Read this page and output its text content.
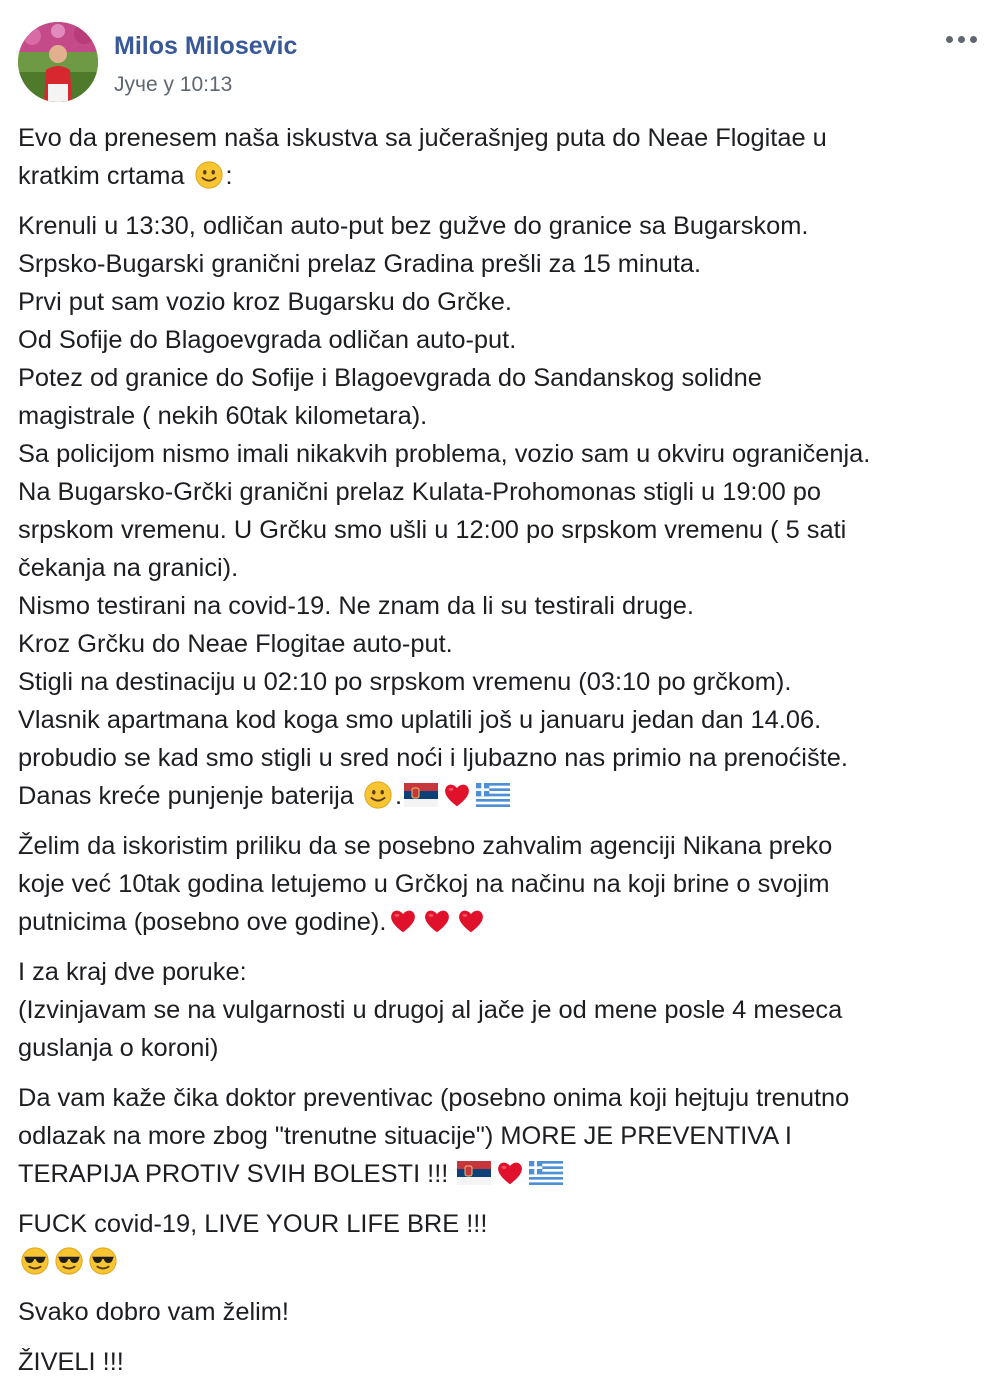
Milos Milosevic
Јуче у 10:13
Evo da prenesem naša iskustva sa jučerašnjeg puta do Neae Flogitae u
kratkim crtama
:
Krenuli u 13:30, odličan auto-put bez gužve do granice sa Bugarskom.
Srpsko-Bugarski granični prelaz Gradina prešli za 15 minuta.
Prvi put sam vozio kroz Bugarsku do Grčke.
Od Sofije do Blagoevgrada odličan auto-put.
Potez od granice do Sofije i Blagoevgrada do Sandanskog solidne
magistrale ( nekih 60tak kilometara).
Sa policijom nismo imali nikakvih problema, vozio sam u okviru ograničenja.
Na Bugarsko-Grčki granični prelaz Kulata-Prohomonas stigli u 19:00 po
srpskom vremenu. U Grčku smo ušli u 12:00 po srpskom vremenu ( 5 sati
čekanja na granici).
Nismo testirani na covid-19. Ne znam da li su testirali druge.
Kroz Grčku do Neae Flogitae auto-put.
Stigli na destinaciju u 02:10 po srpskom vremenu (03:10 po grčkom).
Vlasnik apartmana kod koga smo uplatili još u januaru jedan dan 14.06.
probudio se kad smo stigli u sred noći i ljubazno nas primio na prenoćište.
Danas kreće punjenje baterija
.
Želim da iskoristim priliku da se posebno zahvalim agenciji Nikana preko
koje već 10tak godina letujemo u Grčkoj na načinu na koji brine o svojim
putnicima (posebno ove godine).
I za kraj dve poruke:
(Izvinjavam se na vulgarnosti u drugoj al jače je od mene posle 4 meseca
guslanja o koroni)
Da vam kaže čika doktor preventivac (posebno onima koji hejtuju trenutno
odlazak na more zbog "trenutne situacije") MORE JE PREVENTIVA I
TERAPIJA PROTIV SVIH BOLESTI !!!
FUCK covid-19, LIVE YOUR LIFE BRE !!!
Svako dobro vam želim!
ŽIVELI !!!
